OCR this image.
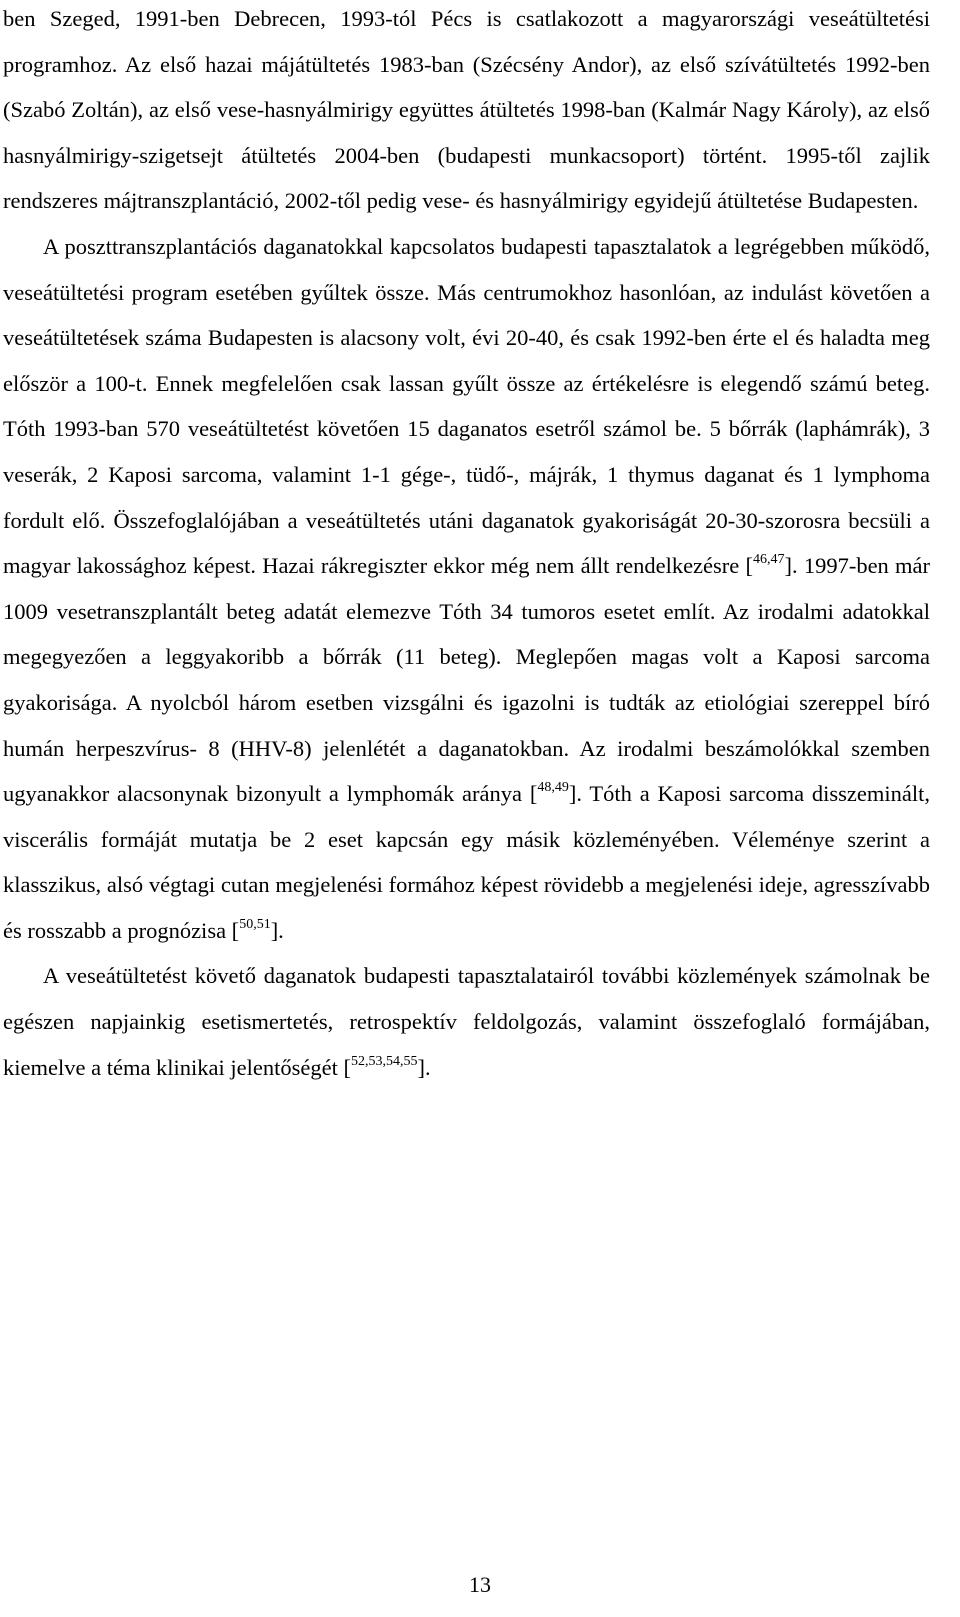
ben Szeged, 1991-ben Debrecen, 1993-tól Pécs is csatlakozott a magyarországi veseátültetési programhoz. Az első hazai májátültetés 1983-ban (Szécsény Andor), az első szívátültetés 1992-ben (Szabó Zoltán), az első vese-hasnyálmirigy együttes átültetés 1998-ban (Kalmár Nagy Károly), az első hasnyálmirigy-szigetsejt átültetés 2004-ben (budapesti munkacsoport) történt. 1995-től zajlik rendszeres májtranszplantáció, 2002-től pedig vese- és hasnyálmirigy egyidejű átültetése Budapesten.

A poszttranszplantációs daganatokkal kapcsolatos budapesti tapasztalatok a legrégebben működő, veseátültetési program esetében gyűltek össze. Más centrumokhoz hasonlóan, az indulást követően a veseátültetések száma Budapesten is alacsony volt, évi 20-40, és csak 1992-ben érte el és haladta meg először a 100-t. Ennek megfelelően csak lassan gyűlt össze az értékelésre is elegendő számú beteg. Tóth 1993-ban 570 veseátültetést követően 15 daganatos esetről számol be. 5 bőrrák (laphámrák), 3 veserák, 2 Kaposi sarcoma, valamint 1-1 gége-, tüdő-, májrák, 1 thymus daganat és 1 lymphoma fordult elő. Összefoglalójában a veseátültetés utáni daganatok gyakoriságát 20-30-szorosra becsüli a magyar lakossághoz képest. Hazai rákregiszter ekkor még nem állt rendelkezésre [$^{46,47}$]. 1997-ben már 1009 vesetranszplantált beteg adatát elemezve Tóth 34 tumoros esetet említ. Az irodalmi adatokkal megegyezően a leggyakoribb a bőrrák (11 beteg). Meglepően magas volt a Kaposi sarcoma gyakorisága. A nyolcból három esetben vizsgálni és igazolni is tudták az etiológiai szereppel bíró humán herpeszvírus- 8 (HHV-8) jelenlétét a daganatokban. Az irodalmi beszámolókkal szemben ugyanakkor alacsonynak bizonyult a lymphomák aránya [$^{48,49}$]. Tóth a Kaposi sarcoma disszeminált, viscerális formáját mutatja be 2 eset kapcsán egy másik közleményében. Véleménye szerint a klasszikus, alsó végtagi cutan megjelenési formához képest rövidebb a megjelenési ideje, agresszívabb és rosszabb a prognózisa [$^{50,51}$].

A veseátültetést követő daganatok budapesti tapasztalatairól további közlemények számolnak be egészen napjainkig esetismertetés, retrospektív feldolgozás, valamint összefoglaló formájában, kiemelve a téma klinikai jelentőségét [$^{52,53,54,55}$].

13
